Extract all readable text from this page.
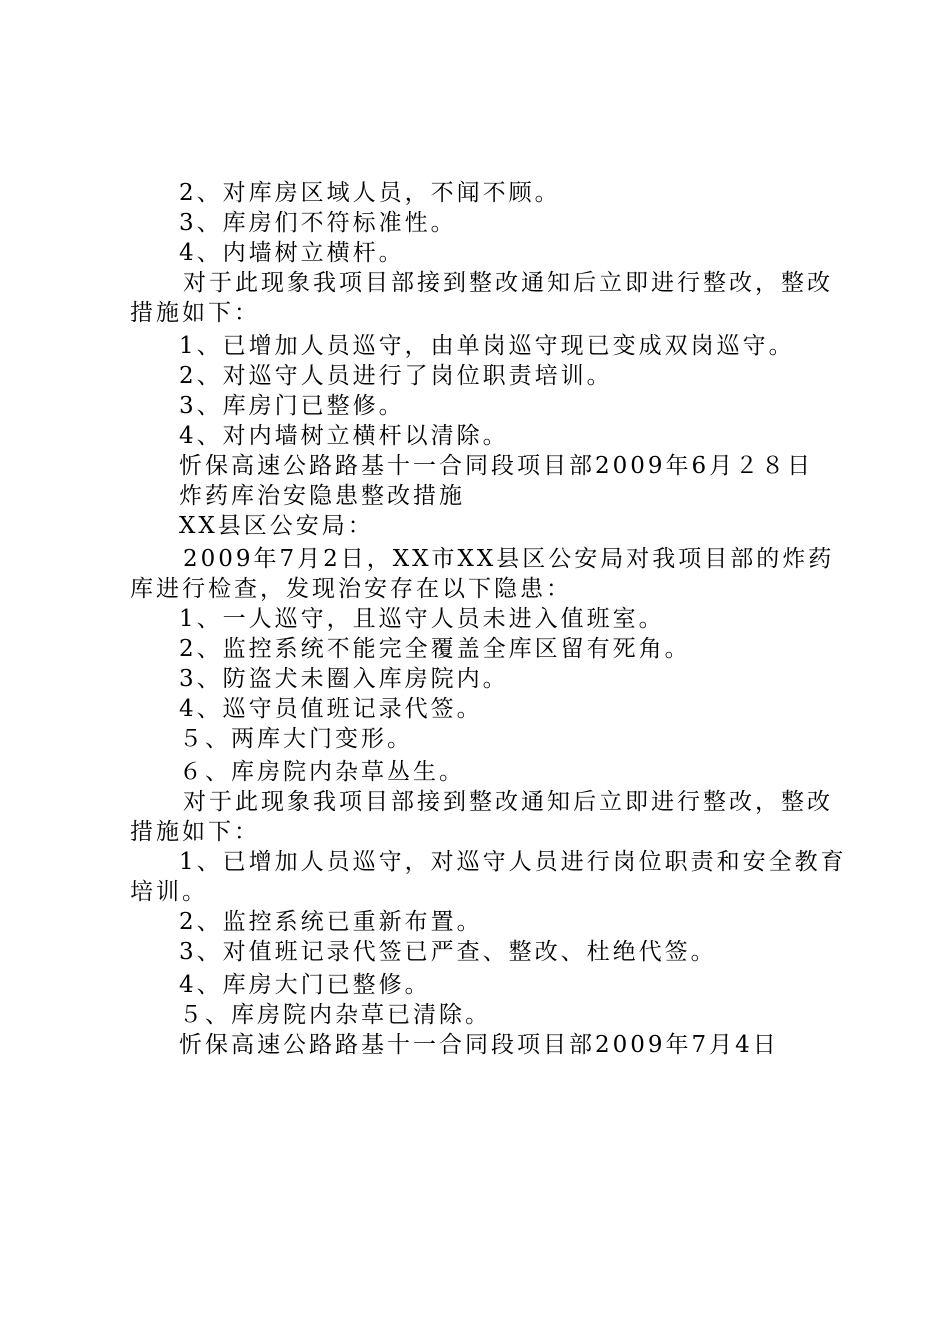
2、对库房区域人员，不闻不顾。
3、库房们不符标准性。
4、内墙树立横杆。
对于此现象我项目部接到整改通知后立即进行整改，整改
措施如下：
1、已增加人员巡守，由单岗巡守现已变成双岗巡守。
2、对巡守人员进行了岗位职责培训。
3、库房门已整修。
4、对内墙树立横杆以清除。
忻保高速公路路基十一合同段项目部2009年6月２８日
炸药库治安隐患整改措施
XX县区公安局：
2009年7月2日，XX市XX县区公安局对我项目部的炸药
库进行检查，发现治安存在以下隐患：
1、一人巡守，且巡守人员未进入值班室。
2、监控系统不能完全覆盖全库区留有死角。
3、防盗犬未圈入库房院内。
4、巡守员值班记录代签。
５、两库大门变形。
６、库房院内杂草丛生。
对于此现象我项目部接到整改通知后立即进行整改，整改
措施如下：
1、已增加人员巡守，对巡守人员进行岗位职责和安全教育
培训。
2、监控系统已重新布置。
3、对值班记录代签已严查、整改、杜绝代签。
4、库房大门已整修。
５、库房院内杂草已清除。
忻保高速公路路基十一合同段项目部2009年7月4日
